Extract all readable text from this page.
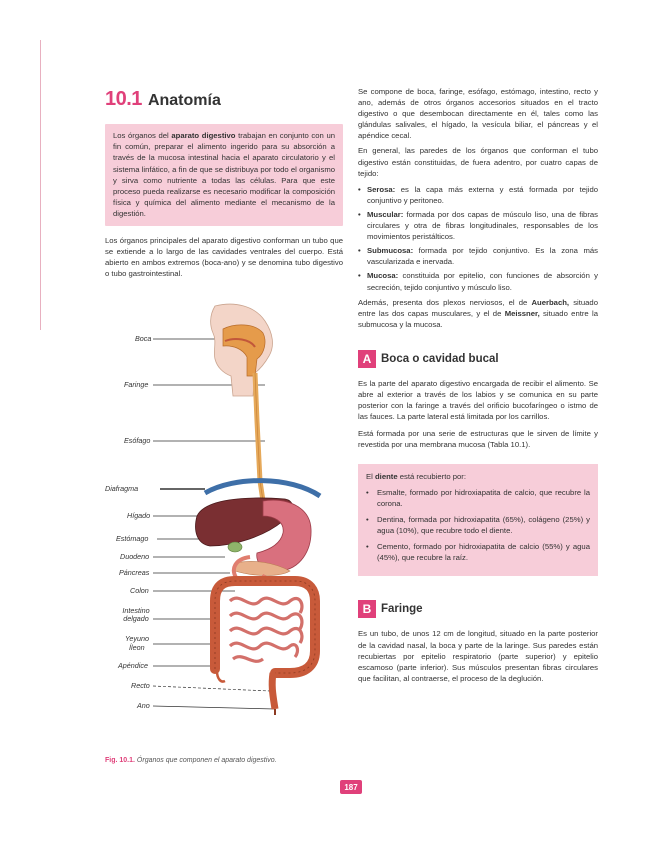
10.1 Anatomía

Los órganos del aparato digestivo trabajan en conjunto con un fin común, preparar el alimento ingerido para su absorción a través de la mucosa intestinal hacia el aparato circulatorio y el sistema linfático, a fin de que se distribuya por todo el organismo y sirva como nutriente a todas las células. Para que este proceso pueda realizarse es necesario modificar la composición física y química del alimento mediante el mecanismo de la digestión.

Los órganos principales del aparato digestivo conforman un tubo que se extiende a lo largo de las cavidades ventrales del cuerpo. Está abierto en ambos extremos (boca-ano) y se denomina tubo digestivo o tubo gastrointestinal.

Boca
Faringe
Esófago
Diafragma
Hígado
Estómago
Duodeno
Páncreas
Colon
Intestino delgado
Yeyuno
Íleon
Apéndice
Recto
Ano
Fig. 10.1. Órganos que componen el aparato digestivo.

Se compone de boca, faringe, esófago, estómago, intestino, recto y ano, además de otros órganos accesorios situados en el tracto digestivo o que desembocan directamente en él, tales como las glándulas salivales, el hígado, la vesícula biliar, el páncreas y el apéndice cecal.

En general, las paredes de los órganos que conforman el tubo digestivo están constituidas, de fuera adentro, por cuatro capas de tejido:

• Serosa: es la capa más externa y está formada por tejido conjuntivo y peritoneo.
• Muscular: formada por dos capas de músculo liso, una de fibras circulares y otra de fibras longitudinales, responsables de los movimientos peristálticos.
• Submucosa: formada por tejido conjuntivo. Es la zona más vascularizada e inervada.
• Mucosa: constituida por epitelio, con funciones de absorción y secreción, tejido conjuntivo y músculo liso.

Además, presenta dos plexos nerviosos, el de Auerbach, situado entre las dos capas musculares, y el de Meissner, situado entre la submucosa y la mucosa.

A Boca o cavidad bucal

Es la parte del aparato digestivo encargada de recibir el alimento. Se abre al exterior a través de los labios y se comunica en su parte posterior con la faringe a través del orificio bucofaríngeo o istmo de las fauces. La parte lateral está limitada por los carrillos.

Está formada por una serie de estructuras que le sirven de límite y revestida por una membrana mucosa (Tabla 10.1).

El diente está recubierto por:

• Esmalte, formado por hidroxiapatita de calcio, que recubre la corona.
• Dentina, formada por hidroxiapatita (65%), colágeno (25%) y agua (10%), que recubre todo el diente.
• Cemento, formado por hidroxiapatita de calcio (55%) y agua (45%), que recubre la raíz.
B Faringe

Es un tubo, de unos 12 cm de longitud, situado en la parte posterior de la cavidad nasal, la boca y parte de la laringe. Sus paredes están recubiertas por epitelio respiratorio (parte superior) y epitelio escamoso (parte inferior). Sus músculos presentan fibras circulares que facilitan, al contraerse, el proceso de la deglución.

187
